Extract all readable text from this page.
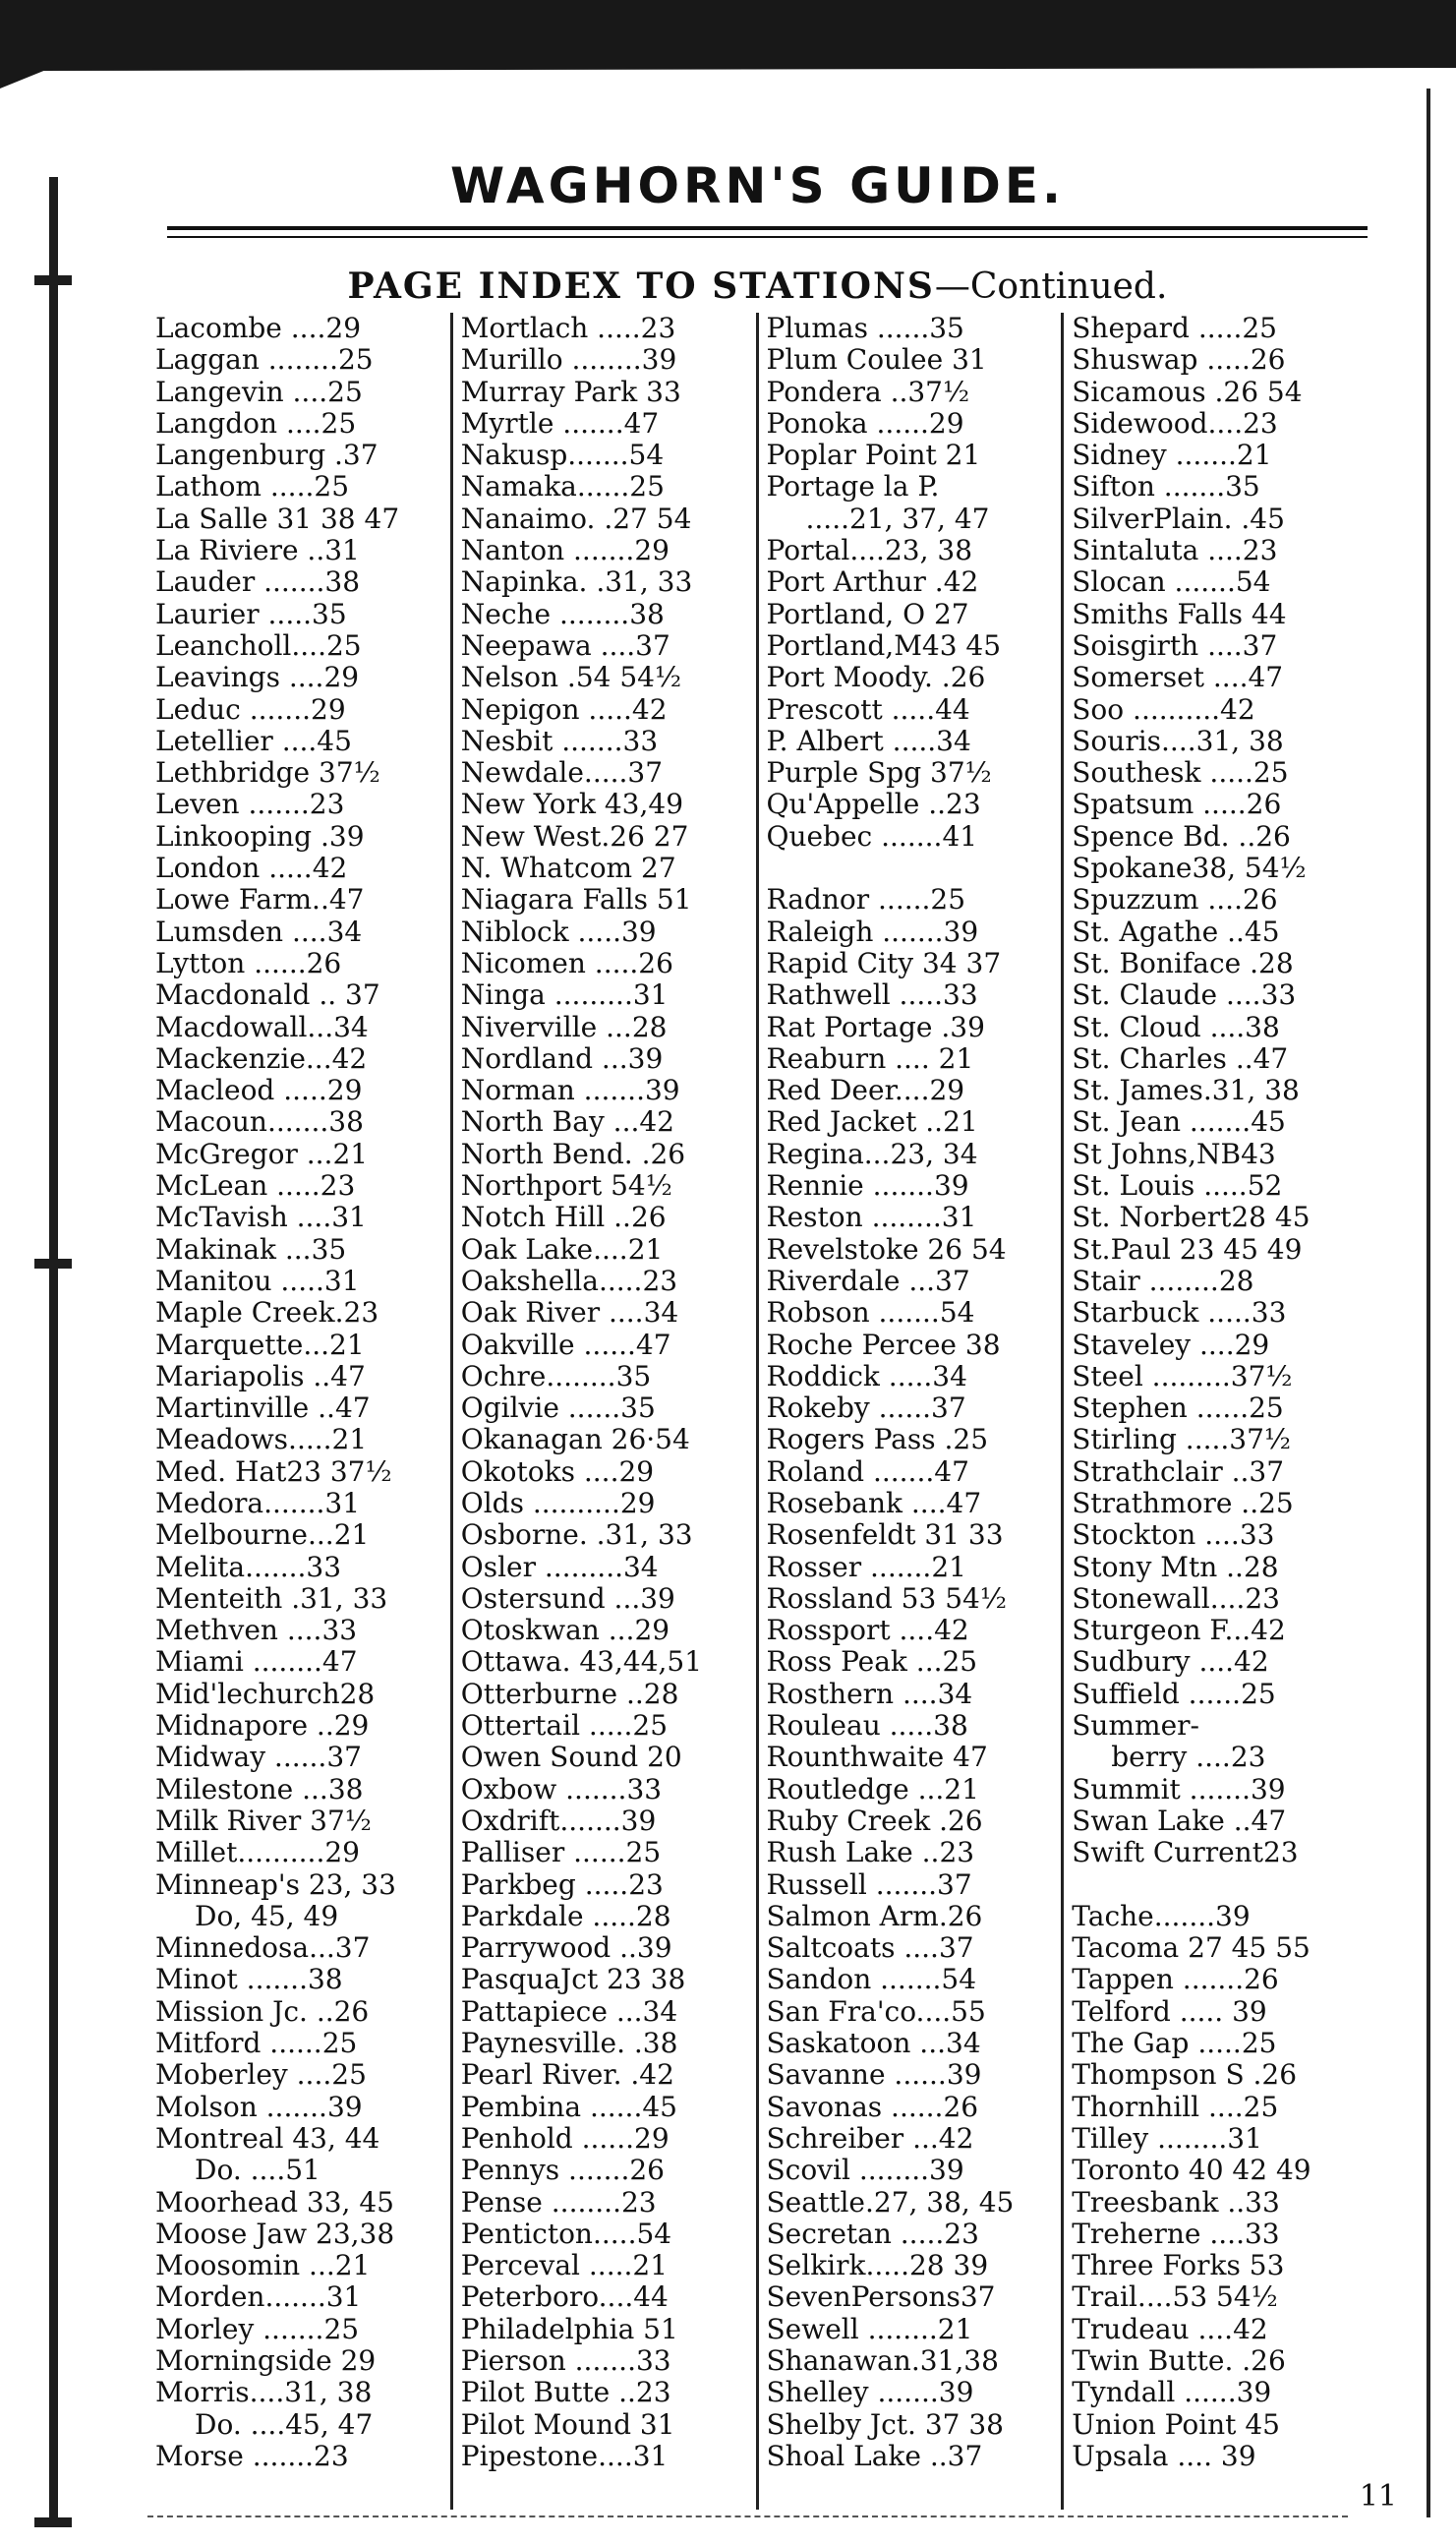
WAGHORN'S GUIDE.
PAGE INDEX TO STATIONS—Continued.
Lacombe ....29
Laggan ........25
Langevin ....25
Langdon ....25
Langenburg .37
Lathom .....25
La Salle 31 38 47
La Riviere ..31
Lauder .......38
Laurier .....35
Leancholl....25
Leavings ....29
Leduc .......29
Letellier ....45
Lethbridge 37½
Leven .......23
Linkooping .39
London .....42
Lowe Farm..47
Lumsden ....34
Lytton ......26
Macdonald .. 37
Macdowall...34
Mackenzie...42
Macleod .....29
Macoun.......38
McGregor ...21
McLean .....23
McTavish ....31
Makinak ...35
Manitou .....31
Maple Creek.23
Marquette...21
Mariapolis ..47
Martinville ..47
Meadows.....21
Med. Hat23 37½
Medora.......31
Melbourne...21
Melita.......33
Menteith .31, 33
Methven ....33
Miami ........47
Mid'lechurch28
Midnapore ..29
Midway ......37
Milestone ...38
Milk River 37½
Millet..........29
Minneap's 23, 33
Do, 45, 49
Minnedosa...37
Minot .......38
Mission Jc. ..26
Mitford ......25
Moberley ....25
Molson .......39
Montreal 43, 44
Do. ....51
Moorhead 33, 45
Moose Jaw 23,38
Moosomin ...21
Morden.......31
Morley .......25
Morningside 29
Morris....31, 38
Do. ....45, 47
Morse .......23
Mortlach .....23
Murillo ........39
Murray Park 33
Myrtle .......47
Nakusp.......54
Namaka......25
Nanaimo. .27 54
Nanton .......29
Napinka. .31, 33
Neche ........38
Neepawa ....37
Nelson .54 54½
Nepigon .....42
Nesbit .......33
Newdale.....37
New York 43,49
New West.26 27
N. Whatcom 27
Niagara Falls 51
Niblock .....39
Nicomen .....26
Ninga .........31
Niverville ...28
Nordland ...39
Norman .......39
North Bay ...42
North Bend. .26
Northport 54½
Notch Hill ..26
Oak Lake....21
Oakshella.....23
Oak River ....34
Oakville ......47
Ochre........35
Ogilvie ......35
Okanagan 26·54
Okotoks ....29
Olds ..........29
Osborne. .31, 33
Osler .........34
Ostersund ...39
Otoskwan ...29
Ottawa. 43,44,51
Otterburne ..28
Ottertail .....25
Owen Sound 20
Oxbow .......33
Oxdrift.......39
Palliser ......25
Parkbeg .....23
Parkdale .....28
Parrywood ..39
PasquaJct 23 38
Pattapiece ...34
Paynesville. .38
Pearl River. .42
Pembina ......45
Penhold ......29
Pennys .......26
Pense ........23
Penticton.....54
Perceval .....21
Peterboro....44
Philadelphia 51
Pierson .......33
Pilot Butte ..23
Pilot Mound 31
Pipestone....31
Plumas ......35
Plum Coulee 31
Pondera ..37½
Ponoka ......29
Poplar Point 21
Portage la P.
.....21, 37, 47
Portal....23, 38
Port Arthur .42
Portland, O 27
Portland,M43 45
Port Moody. .26
Prescott .....44
P. Albert .....34
Purple Spg 37½
Qu'Appelle ..23
Quebec .......41
Radnor ......25
Raleigh .......39
Rapid City 34 37
Rathwell .....33
Rat Portage .39
Reaburn .... 21
Red Deer....29
Red Jacket ..21
Regina...23, 34
Rennie .......39
Reston ........31
Revelstoke 26 54
Riverdale ...37
Robson .......54
Roche Percee 38
Roddick .....34
Rokeby ......37
Rogers Pass .25
Roland .......47
Rosebank ....47
Rosenfeldt 31 33
Rosser .......21
Rossland 53 54½
Rossport ....42
Ross Peak ...25
Rosthern ....34
Rouleau .....38
Rounthwaite 47
Routledge ...21
Ruby Creek .26
Rush Lake ..23
Russell .......37
Salmon Arm.26
Saltcoats ....37
Sandon .......54
San Fra'co....55
Saskatoon ...34
Savanne ......39
Savonas ......26
Schreiber ...42
Scovil ........39
Seattle.27, 38, 45
Secretan .....23
Selkirk.....28 39
SevenPersons37
Sewell ........21
Shanawan.31,38
Shelley .......39
Shelby Jct. 37 38
Shoal Lake ..37
Shepard .....25
Shuswap .....26
Sicamous .26 54
Sidewood....23
Sidney .......21
Sifton .......35
SilverPlain. .45
Sintaluta ....23
Slocan .......54
Smiths Falls 44
Soisgirth ....37
Somerset ....47
Soo ..........42
Souris....31, 38
Southesk .....25
Spatsum .....26
Spence Bd. ..26
Spokane38, 54½
Spuzzum ....26
St. Agathe ..45
St. Boniface .28
St. Claude ....33
St. Cloud ....38
St. Charles ..47
St. James.31, 38
St. Jean .......45
St Johns,NB43
St. Louis .....52
St. Norbert28 45
St.Paul 23 45 49
Stair ........28
Starbuck .....33
Staveley ....29
Steel .........37½
Stephen ......25
Stirling .....37½
Strathclair ..37
Strathmore ..25
Stockton ....33
Stony Mtn ..28
Stonewall....23
Sturgeon F...42
Sudbury ....42
Suffield ......25
Summer-
berry ....23
Summit .......39
Swan Lake ..47
Swift Current23
Tache.......39
Tacoma 27 45 55
Tappen .......26
Telford ..... 39
The Gap .....25
Thompson S .26
Thornhill ....25
Tilley ........31
Toronto 40 42 49
Treesbank ..33
Treherne ....33
Three Forks 53
Trail....53 54½
Trudeau ....42
Twin Butte. .26
Tyndall ......39
Union Point 45
Upsala .... 39
11
